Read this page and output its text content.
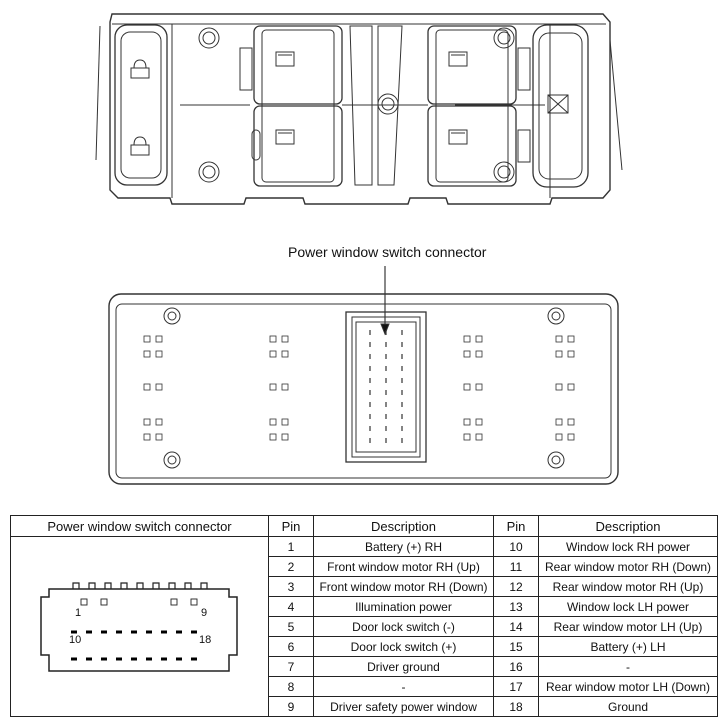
Power window switch connector
Power window switch connector	Pin	Description	Pin	Description

1 9
10 18	1	Battery (+) RH	10	Window lock RH power
	2	Front window motor RH (Up)	11	Rear window motor RH (Down)
	3	Front window motor RH (Down)	12	Rear window motor RH (Up)
	4	Illumination power	13	Window lock LH power
	5	Door lock switch (-)	14	Rear window motor LH (Up)
	6	Door lock switch (+)	15	Battery (+) LH
	7	Driver ground	16	-
	8	-	17	Rear window motor LH (Down)
	9	Driver safety power window	18	Ground
